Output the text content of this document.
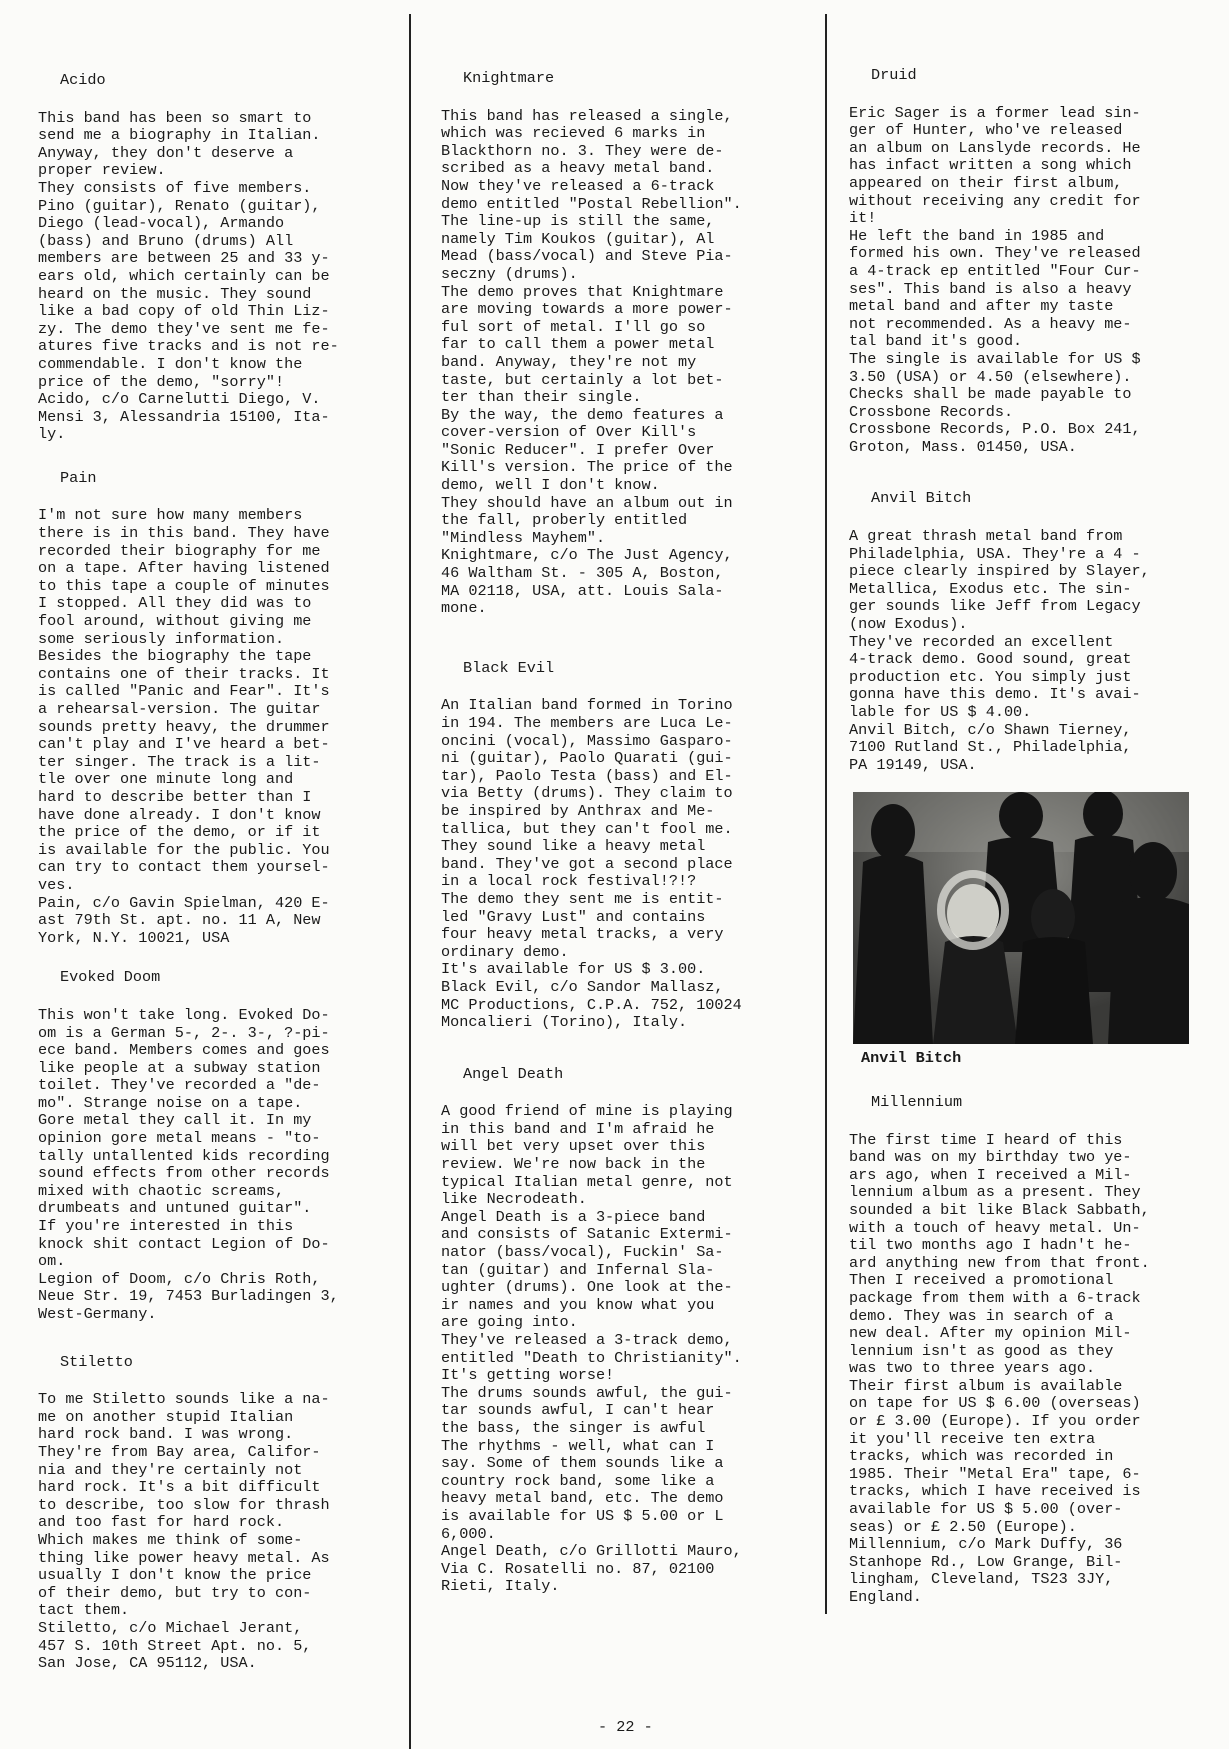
Acido

This band has been so smart to
send me a biography in Italian.
Anyway, they don't deserve a
proper review.
They consists of five members.
Pino (guitar), Renato (guitar),
Diego (lead-vocal), Armando
(bass) and Bruno (drums) All
members are between 25 and 33 y-
ears old, which certainly can be
heard on the music. They sound
like a bad copy of old Thin Liz-
zy. The demo they've sent me fe-
atures five tracks and is not re-
commendable. I don't know the
price of the demo, "sorry"!
Acido, c/o Carnelutti Diego, V.
Mensi 3, Alessandria 15100, Ita-
ly.

Pain

I'm not sure how many members
there is in this band. They have
recorded their biography for me
on a tape. After having listened
to this tape a couple of minutes
I stopped. All they did was to
fool around, without giving me
some seriously information.
Besides the biography the tape
contains one of their tracks. It
is called "Panic and Fear". It's
a rehearsal-version. The guitar
sounds pretty heavy, the drummer
can't play and I've heard a bet-
ter singer. The track is a lit-
tle over one minute long and
hard to describe better than I
have done already. I don't know
the price of the demo, or if it
is available for the public. You
can try to contact them yoursel-
ves.
Pain, c/o Gavin Spielman, 420 E-
ast 79th St. apt. no. 11 A, New
York, N.Y. 10021, USA

Evoked Doom

This won't take long. Evoked Do-
om is a German 5-, 2-. 3-, ?-pi-
ece band. Members comes and goes
like people at a subway station
toilet. They've recorded a "de-
mo". Strange noise on a tape.
Gore metal they call it. In my
opinion gore metal means - "to-
tally untallented kids recording
sound effects from other records
mixed with chaotic screams,
drumbeats and untuned guitar".
If you're interested in this
knock shit contact Legion of Do-
om.
Legion of Doom, c/o Chris Roth,
Neue Str. 19, 7453 Burladingen 3,
West-Germany.

Stiletto

To me Stiletto sounds like a na-
me on another stupid Italian
hard rock band. I was wrong.
They're from Bay area, Califor-
nia and they're certainly not
hard rock. It's a bit difficult
to describe, too slow for thrash
and too fast for hard rock.
Which makes me think of some-
thing like power heavy metal. As
usually I don't know the price
of their demo, but try to con-
tact them.
Stiletto, c/o Michael Jerant,
457 S. 10th Street Apt. no. 5,
San Jose, CA 95112, USA.

Knightmare

This band has released a single,
which was recieved 6 marks in
Blackthorn no. 3. They were de-
scribed as a heavy metal band.
Now they've released a 6-track
demo entitled "Postal Rebellion".
The line-up is still the same,
namely Tim Koukos (guitar), Al
Mead (bass/vocal) and Steve Pia-
seczny (drums).
The demo proves that Knightmare
are moving towards a more power-
ful sort of metal. I'll go so
far to call them a power metal
band. Anyway, they're not my
taste, but certainly a lot bet-
ter than their single.
By the way, the demo features a
cover-version of Over Kill's
"Sonic Reducer". I prefer Over
Kill's version. The price of the
demo, well I don't know.
They should have an album out in
the fall, proberly entitled
"Mindless Mayhem".
Knightmare, c/o The Just Agency,
46 Waltham St. - 305 A, Boston,
MA 02118, USA, att. Louis Sala-
mone.

Black Evil

An Italian band formed in Torino
in 194. The members are Luca Le-
oncini (vocal), Massimo Gasparo-
ni (guitar), Paolo Quarati (gui-
tar), Paolo Testa (bass) and El-
via Betty (drums). They claim to
be inspired by Anthrax and Me-
tallica, but they can't fool me.
They sound like a heavy metal
band. They've got a second place
in a local rock festival!?!?
The demo they sent me is entit-
led "Gravy Lust" and contains
four heavy metal tracks, a very
ordinary demo.
It's available for US $ 3.00.
Black Evil, c/o Sandor Mallasz,
MC Productions, C.P.A. 752, 10024
Moncalieri (Torino), Italy.

Angel Death

A good friend of mine is playing
in this band and I'm afraid he
will bet very upset over this
review. We're now back in the
typical Italian metal genre, not
like Necrodeath.
Angel Death is a 3-piece band
and consists of Satanic Extermi-
nator (bass/vocal), Fuckin' Sa-
tan (guitar) and Infernal Sla-
ughter (drums). One look at the-
ir names and you know what you
are going into.
They've released a 3-track demo,
entitled "Death to Christianity".
It's getting worse!
The drums sounds awful, the gui-
tar sounds awful, I can't hear
the bass, the singer is awful
The rhythms - well, what can I
say. Some of them sounds like a
country rock band, some like a
heavy metal band, etc. The demo
is available for US $ 5.00 or L
6,000.
Angel Death, c/o Grillotti Mauro,
Via C. Rosatelli no. 87, 02100
Rieti, Italy.

Druid

Eric Sager is a former lead sin-
ger of Hunter, who've released
an album on Lanslyde records. He
has infact written a song which
appeared on their first album,
without receiving any credit for
it!
He left the band in 1985 and
formed his own. They've released
a 4-track ep entitled "Four Cur-
ses". This band is also a heavy
metal band and after my taste
not recommended. As a heavy me-
tal band it's good.
The single is available for US $
3.50 (USA) or 4.50 (elsewhere).
Checks shall be made payable to
Crossbone Records.
Crossbone Records, P.O. Box 241,
Groton, Mass. 01450, USA.

Anvil Bitch

A great thrash metal band from
Philadelphia, USA. They're a 4 -
piece clearly inspired by Slayer,
Metallica, Exodus etc. The sin-
ger sounds like Jeff from Legacy
(now Exodus).
They've recorded an excellent
4-track demo. Good sound, great
production etc. You simply just
gonna have this demo. It's avai-
lable for US $ 4.00.
Anvil Bitch, c/o Shawn Tierney,
7100 Rutland St., Philadelphia,
PA 19149, USA.

Anvil Bitch

Millennium

The first time I heard of this
band was on my birthday two ye-
ars ago, when I received a Mil-
lennium album as a present. They
sounded a bit like Black Sabbath,
with a touch of heavy metal. Un-
til two months ago I hadn't he-
ard anything new from that front.
Then I received a promotional
package from them with a 6-track
demo. They was in search of a
new deal. After my opinion Mil-
lennium isn't as good as they
was two to three years ago.
Their first album is available
on tape for US $ 6.00 (overseas)
or £ 3.00 (Europe). If you order
it you'll receive ten extra
tracks, which was recorded in
1985. Their "Metal Era" tape, 6-
tracks, which I have received is
available for US $ 5.00 (over-
seas) or £ 2.50 (Europe).
Millennium, c/o Mark Duffy, 36
Stanhope Rd., Low Grange, Bil-
lingham, Cleveland, TS23 3JY,
England.

- 22 -
